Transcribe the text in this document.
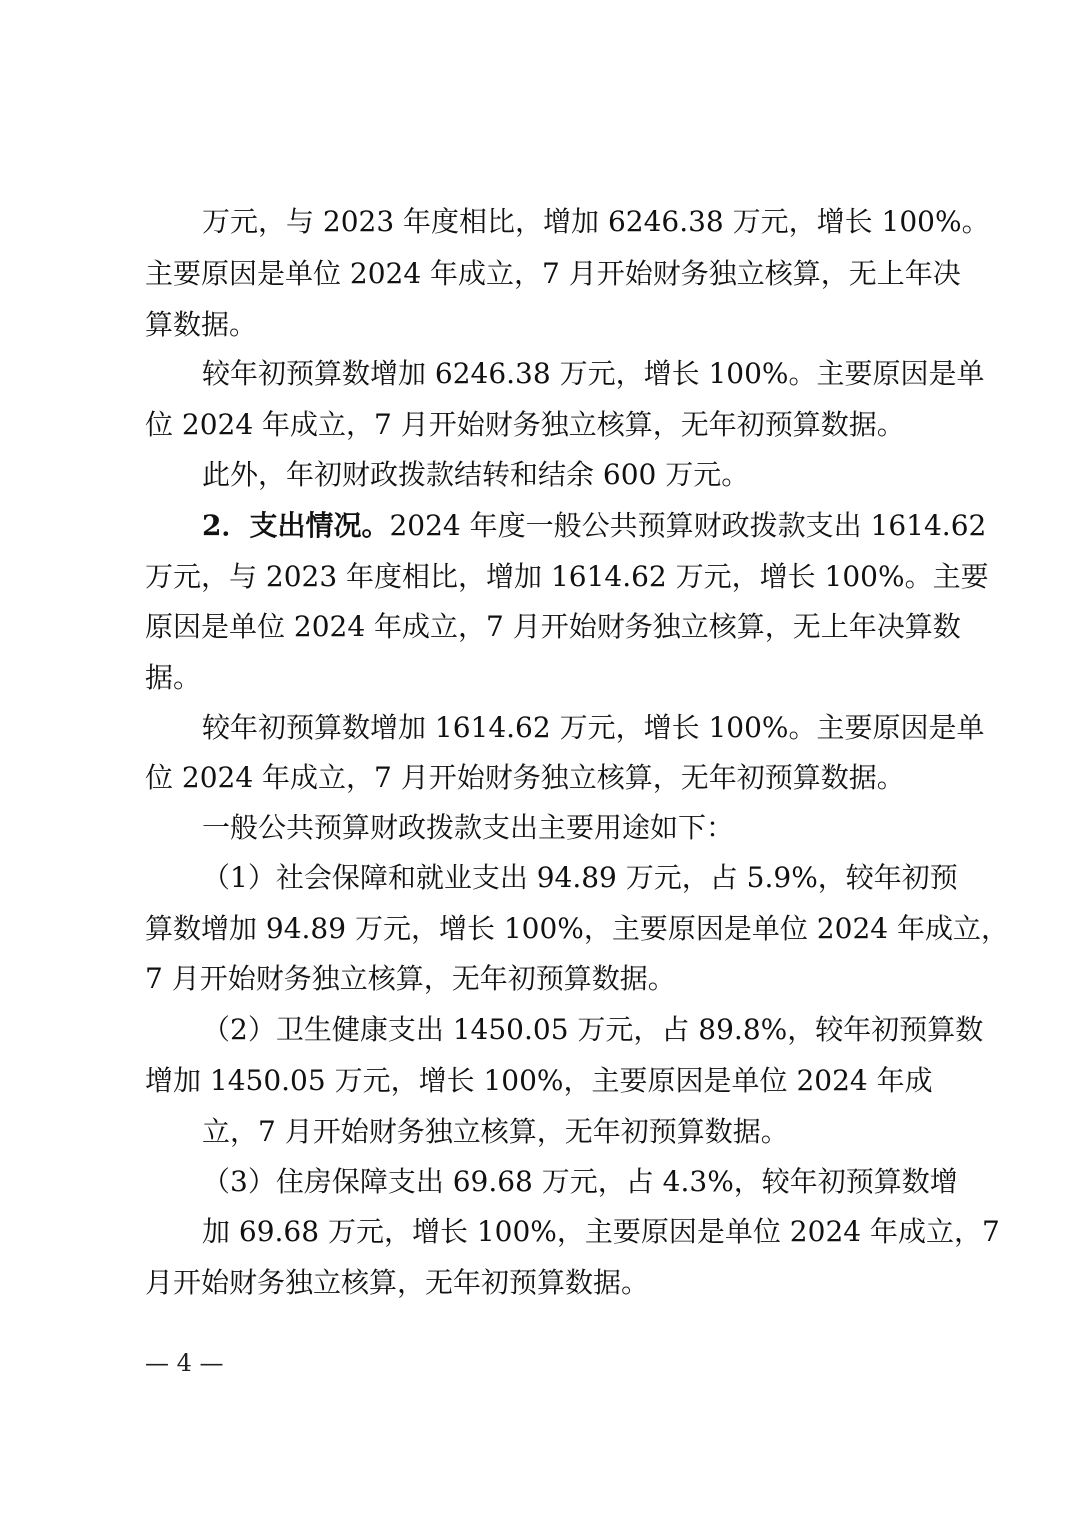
万元，与 2023 年度相比，增加 6246.38 万元，增长 100%。
主要原因是单位 2024 年成立，7 月开始财务独立核算，无上年决
算数据。
较年初预算数增加 6246.38 万元，增长 100%。主要原因是单
位 2024 年成立，7 月开始财务独立核算，无年初预算数据。
此外，年初财政拨款结转和结余 600 万元。
2．支出情况。2024 年度一般公共预算财政拨款支出 1614.62
万元，与 2023 年度相比，增加 1614.62 万元，增长 100%。主要
原因是单位 2024 年成立，7 月开始财务独立核算，无上年决算数
据。
较年初预算数增加 1614.62 万元，增长 100%。主要原因是单
位 2024 年成立，7 月开始财务独立核算，无年初预算数据。
一般公共预算财政拨款支出主要用途如下：
（1）社会保障和就业支出 94.89 万元，占 5.9%，较年初预
算数增加 94.89 万元，增长 100%，主要原因是单位 2024 年成立，
7 月开始财务独立核算，无年初预算数据。
（2）卫生健康支出 1450.05 万元，占 89.8%，较年初预算数
增加 1450.05 万元，增长 100%，主要原因是单位 2024 年成
立，7 月开始财务独立核算，无年初预算数据。
（3）住房保障支出 69.68 万元，占 4.3%，较年初预算数增
加 69.68 万元，增长 100%，主要原因是单位 2024 年成立，7
月开始财务独立核算，无年初预算数据。
— 4 —
